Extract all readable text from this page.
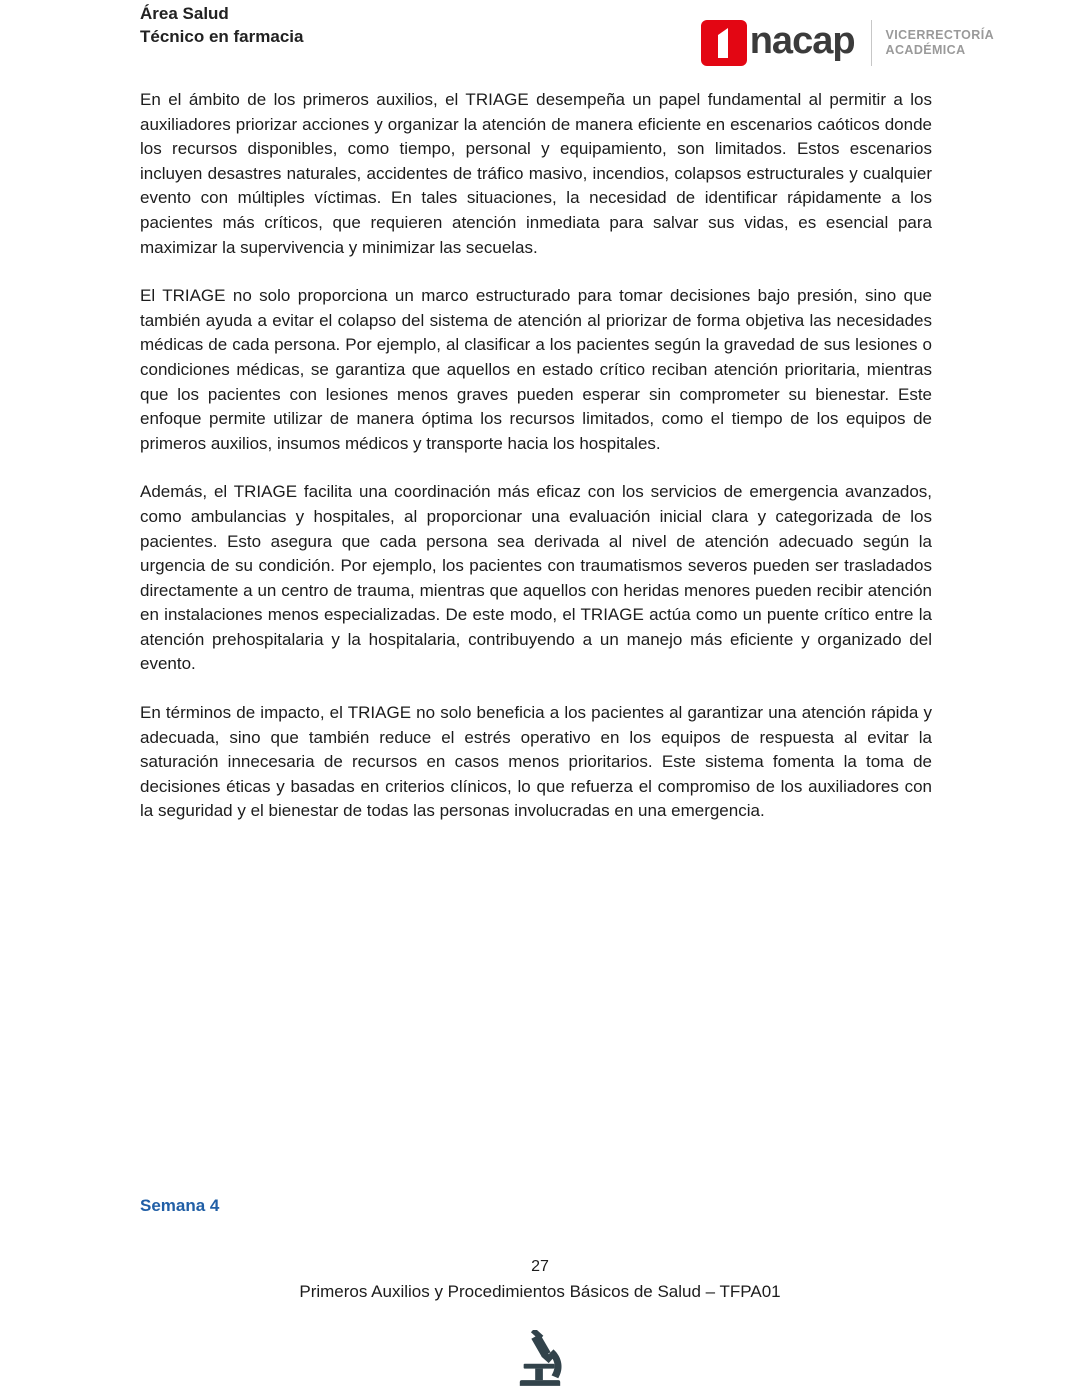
Área Salud
Técnico en farmacia	nacap VICERRECTORÍA
ACADÉMICA

En el ámbito de los primeros auxilios, el TRIAGE desempeña un papel fundamental al permitir a los auxiliadores priorizar acciones y organizar la atención de manera eficiente en escenarios caóticos donde los recursos disponibles, como tiempo, personal y equipamiento, son limitados. Estos escenarios incluyen desastres naturales, accidentes de tráfico masivo, incendios, colapsos estructurales y cualquier evento con múltiples víctimas. En tales situaciones, la necesidad de identificar rápidamente a los pacientes más críticos, que requieren atención inmediata para salvar sus vidas, es esencial para maximizar la supervivencia y minimizar las secuelas.

El TRIAGE no solo proporciona un marco estructurado para tomar decisiones bajo presión, sino que también ayuda a evitar el colapso del sistema de atención al priorizar de forma objetiva las necesidades médicas de cada persona. Por ejemplo, al clasificar a los pacientes según la gravedad de sus lesiones o condiciones médicas, se garantiza que aquellos en estado crítico reciban atención prioritaria, mientras que los pacientes con lesiones menos graves pueden esperar sin comprometer su bienestar. Este enfoque permite utilizar de manera óptima los recursos limitados, como el tiempo de los equipos de primeros auxilios, insumos médicos y transporte hacia los hospitales.

Además, el TRIAGE facilita una coordinación más eficaz con los servicios de emergencia avanzados, como ambulancias y hospitales, al proporcionar una evaluación inicial clara y categorizada de los pacientes. Esto asegura que cada persona sea derivada al nivel de atención adecuado según la urgencia de su condición. Por ejemplo, los pacientes con traumatismos severos pueden ser trasladados directamente a un centro de trauma, mientras que aquellos con heridas menores pueden recibir atención en instalaciones menos especializadas. De este modo, el TRIAGE actúa como un puente crítico entre la atención prehospitalaria y la hospitalaria, contribuyendo a un manejo más eficiente y organizado del evento.

En términos de impacto, el TRIAGE no solo beneficia a los pacientes al garantizar una atención rápida y adecuada, sino que también reduce el estrés operativo en los equipos de respuesta al evitar la saturación innecesaria de recursos en casos menos prioritarios. Este sistema fomenta la toma de decisiones éticas y basadas en criterios clínicos, lo que refuerza el compromiso de los auxiliadores con la seguridad y el bienestar de todas las personas involucradas en una emergencia.

Semana 4
27
Primeros Auxilios y Procedimientos Básicos de Salud – TFPA01
